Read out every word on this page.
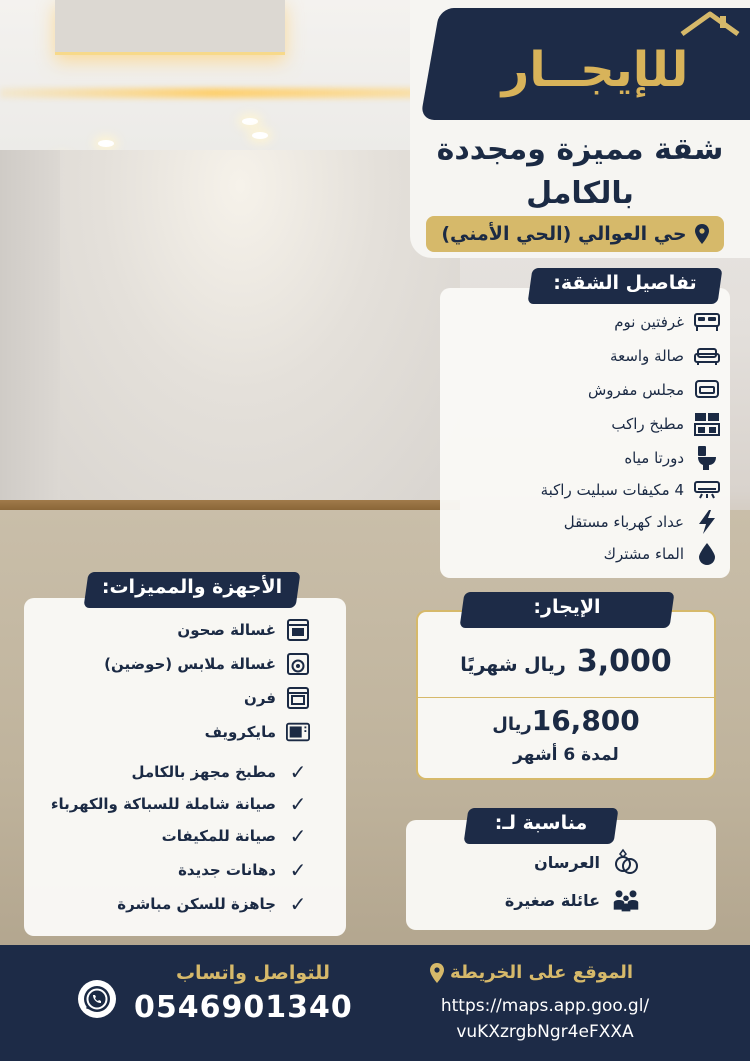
للإيجــار
شقة مميزة ومجددة
بالكامل
حي العوالي (الحي الأمني)
تفاصيل الشقة:
غرفتين نوم
صالة واسعة
مجلس مفروش
مطبخ راكب
دورتا مياه
4 مكيفات سبليت راكبة
عداد كهرباء مستقل
الماء مشترك
الإيجار:
3,000 ريال شهريًا
16,800ريال
لمدة 6 أشهر
مناسبة لـ:
العرسان
عائلة صغيرة
الأجهزة والمميزات:
غسالة صحون
غسالة ملابس (حوضين)
فرن
مايكرويف
✓
مطبخ مجهز بالكامل
✓
صيانة شاملة للسباكة والكهرباء
✓
صيانة للمكيفات
✓
دهانات جديدة
✓
جاهزة للسكن مباشرة
للتواصل واتساب
0546901340
الموقع على الخريطة
https://maps.app.goo.gl/
vuKXzrgbNgr4eFXXA
